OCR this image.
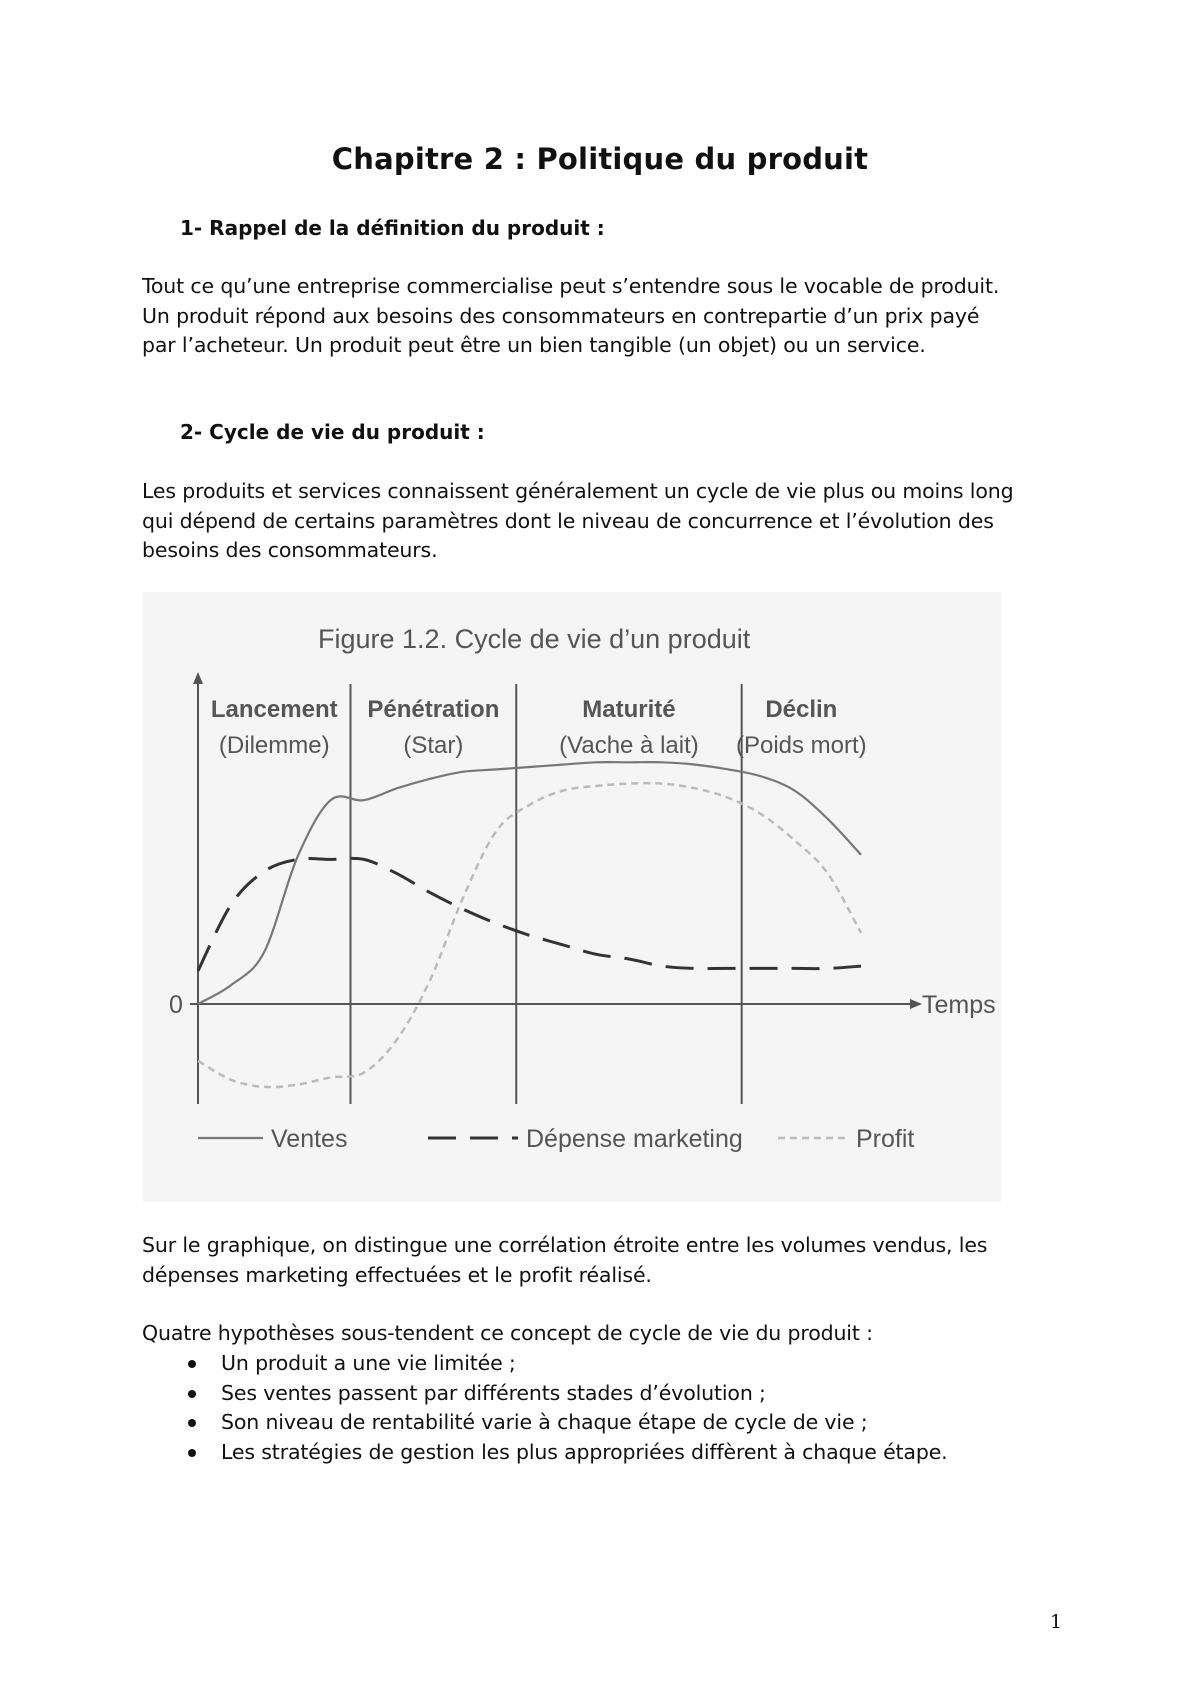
Chapitre 2 : Politique du produit
1- Rappel de la définition du produit :
Tout ce qu’une entreprise commercialise peut s’entendre sous le vocable de produit.
Un produit répond aux besoins des consommateurs en contrepartie d’un prix payé
par l’acheteur. Un produit peut être un bien tangible (un objet) ou un service.
2- Cycle de vie du produit :
Les produits et services connaissent généralement un cycle de vie plus ou moins long
qui dépend de certains paramètres dont le niveau de concurrence et l’évolution des
besoins des consommateurs.
Figure 1.2. Cycle de vie d’un produit
Lancement
(Dilemme)
Pénétration
(Star)
Maturité
(Vache à lait)
Déclin
(Poids mort)
0	Temps
Ventes	Dépense marketing	Profit
Sur le graphique, on distingue une corrélation étroite entre les volumes vendus, les
dépenses marketing effectuées et le profit réalisé.
Quatre hypothèses sous-tendent ce concept de cycle de vie du produit :
Un produit a une vie limitée ;
Ses ventes passent par différents stades d’évolution ;
Son niveau de rentabilité varie à chaque étape de cycle de vie ;
Les stratégies de gestion les plus appropriées diffèrent à chaque étape.
1
